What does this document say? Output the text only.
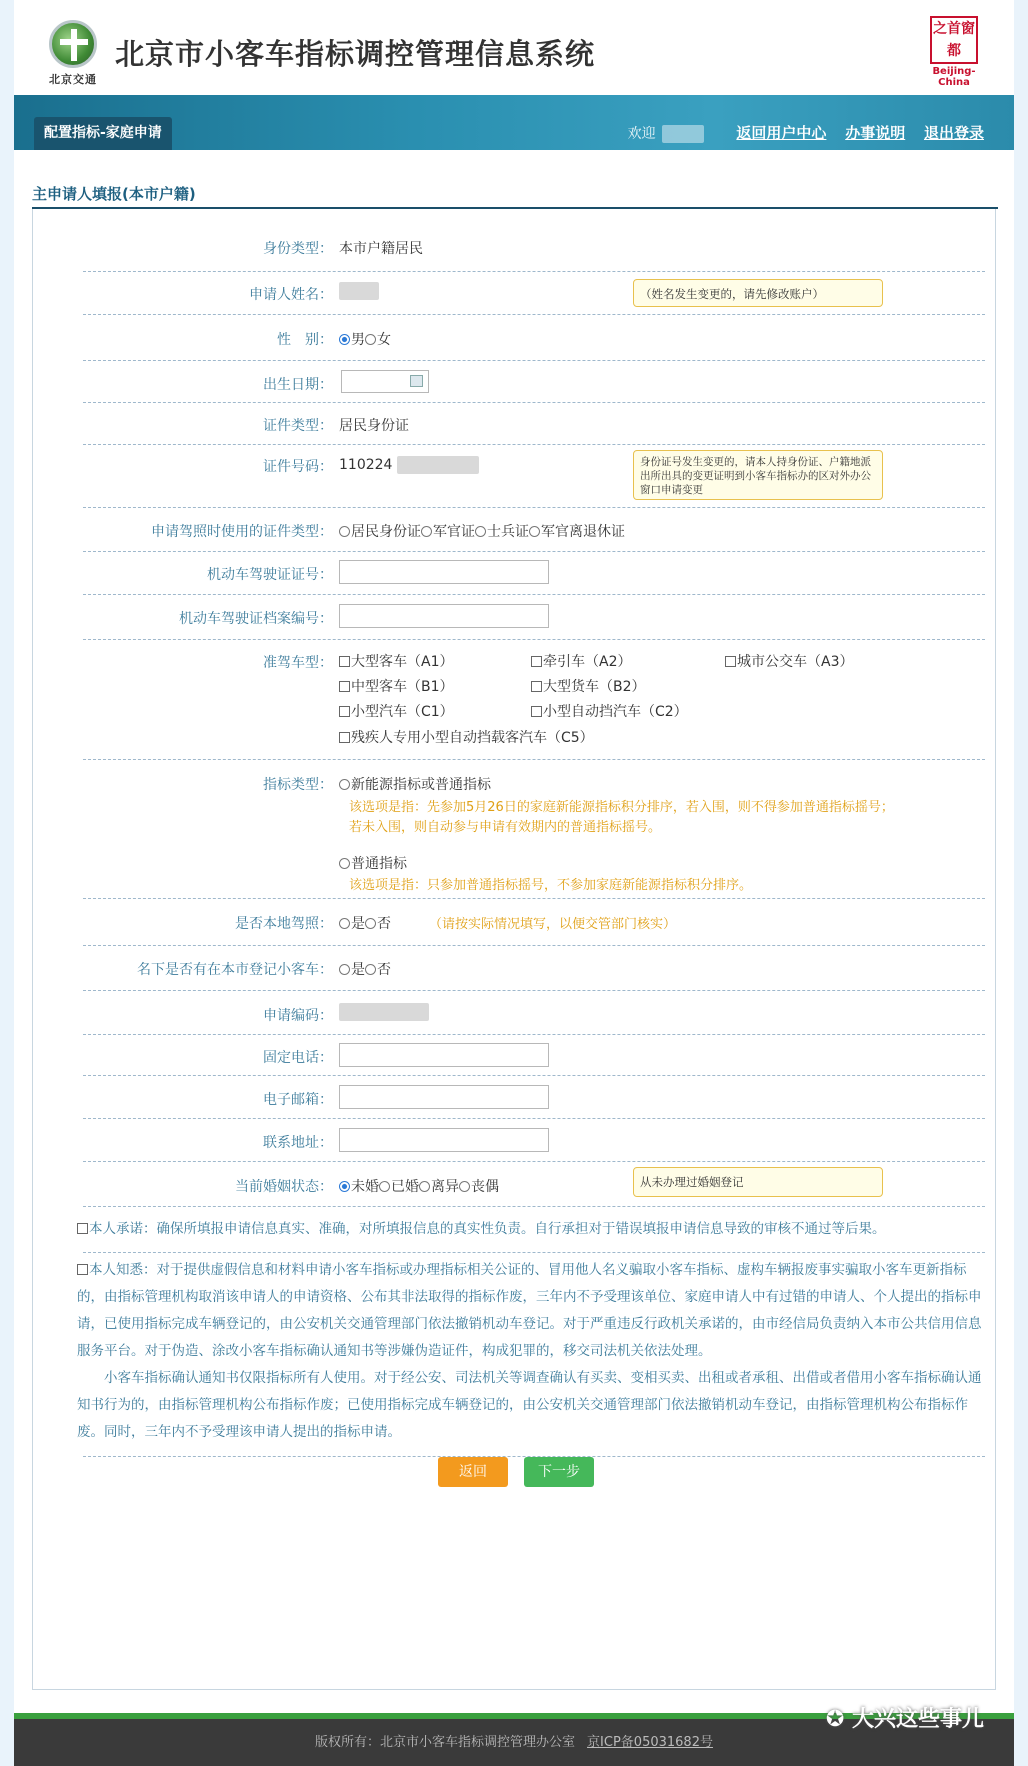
北京交通
北京市小客车指标调控管理信息系统
之 首 窗
都
Beijing-China
配置指标-家庭申请	欢迎	返回用户中心 办事说明 退出登录
主申请人填报(本市户籍)
身份类型： 本市户籍居民
申请人姓名：	（姓名发生变更的，请先修改账户）
性　别：	男 女
出生日期：
证件类型： 居民身份证
证件号码： 110224	身份证号发生变更的，请本人持身份证、户籍地派出所出具的变更证明到小客车指标办的区对外办公窗口申请变更
申请驾照时使用的证件类型：	居民身份证 军官证 士兵证 军官离退休证
机动车驾驶证证号：
机动车驾驶证档案编号：
准驾车型：	大型客车（A1）	牵引车（A2）	城市公交车（A3）
中型客车（B1）	大型货车（B2）
小型汽车（C1）	小型自动挡汽车（C2）
残疾人专用小型自动挡载客汽车（C5）
指标类型：	新能源指标或普通指标
该选项是指：先参加5月26日的家庭新能源指标积分排序，若入围，则不得参加普通指标摇号；
若未入围，则自动参与申请有效期内的普通指标摇号。
普通指标
该选项是指：只参加普通指标摇号，不参加家庭新能源指标积分排序。
是否本地驾照：	是 否	（请按实际情况填写，以便交管部门核实）
名下是否有在本市登记小客车：	是 否
申请编码：
固定电话：
电子邮箱：
联系地址：
当前婚姻状态：	未婚 已婚 离异 丧偶	从未办理过婚姻登记
本人承诺：确保所填报申请信息真实、准确，对所填报信息的真实性负责。自行承担对于错误填报申请信息导致的审核不通过等后果。
本人知悉：对于提供虚假信息和材料申请小客车指标或办理指标相关公证的、冒用他人名义骗取小客车指标、虚构车辆报废事实骗取小客车更新指标的，由指标管理机构取消该申请人的申请资格、公布其非法取得的指标作废，三年内不予受理该单位、家庭申请人中有过错的申请人、个人提出的指标申请，已使用指标完成车辆登记的，由公安机关交通管理部门依法撤销机动车登记。对于严重违反行政机关承诺的，由市经信局负责纳入本市公共信用信息服务平台。对于伪造、涂改小客车指标确认通知书等涉嫌伪造证件，构成犯罪的，移交司法机关依法处理。
小客车指标确认通知书仅限指标所有人使用。对于经公安、司法机关等调查确认有买卖、变相买卖、出租或者承租、出借或者借用小客车指标确认通知书行为的，由指标管理机构公布指标作废；已使用指标完成车辆登记的，由公安机关交通管理部门依法撤销机动车登记，由指标管理机构公布指标作废。同时，三年内不予受理该申请人提出的指标申请。
返回	下一步
版权所有：北京市小客车指标调控管理办公室 京ICP备05031682号
✪ 大兴这些事儿
